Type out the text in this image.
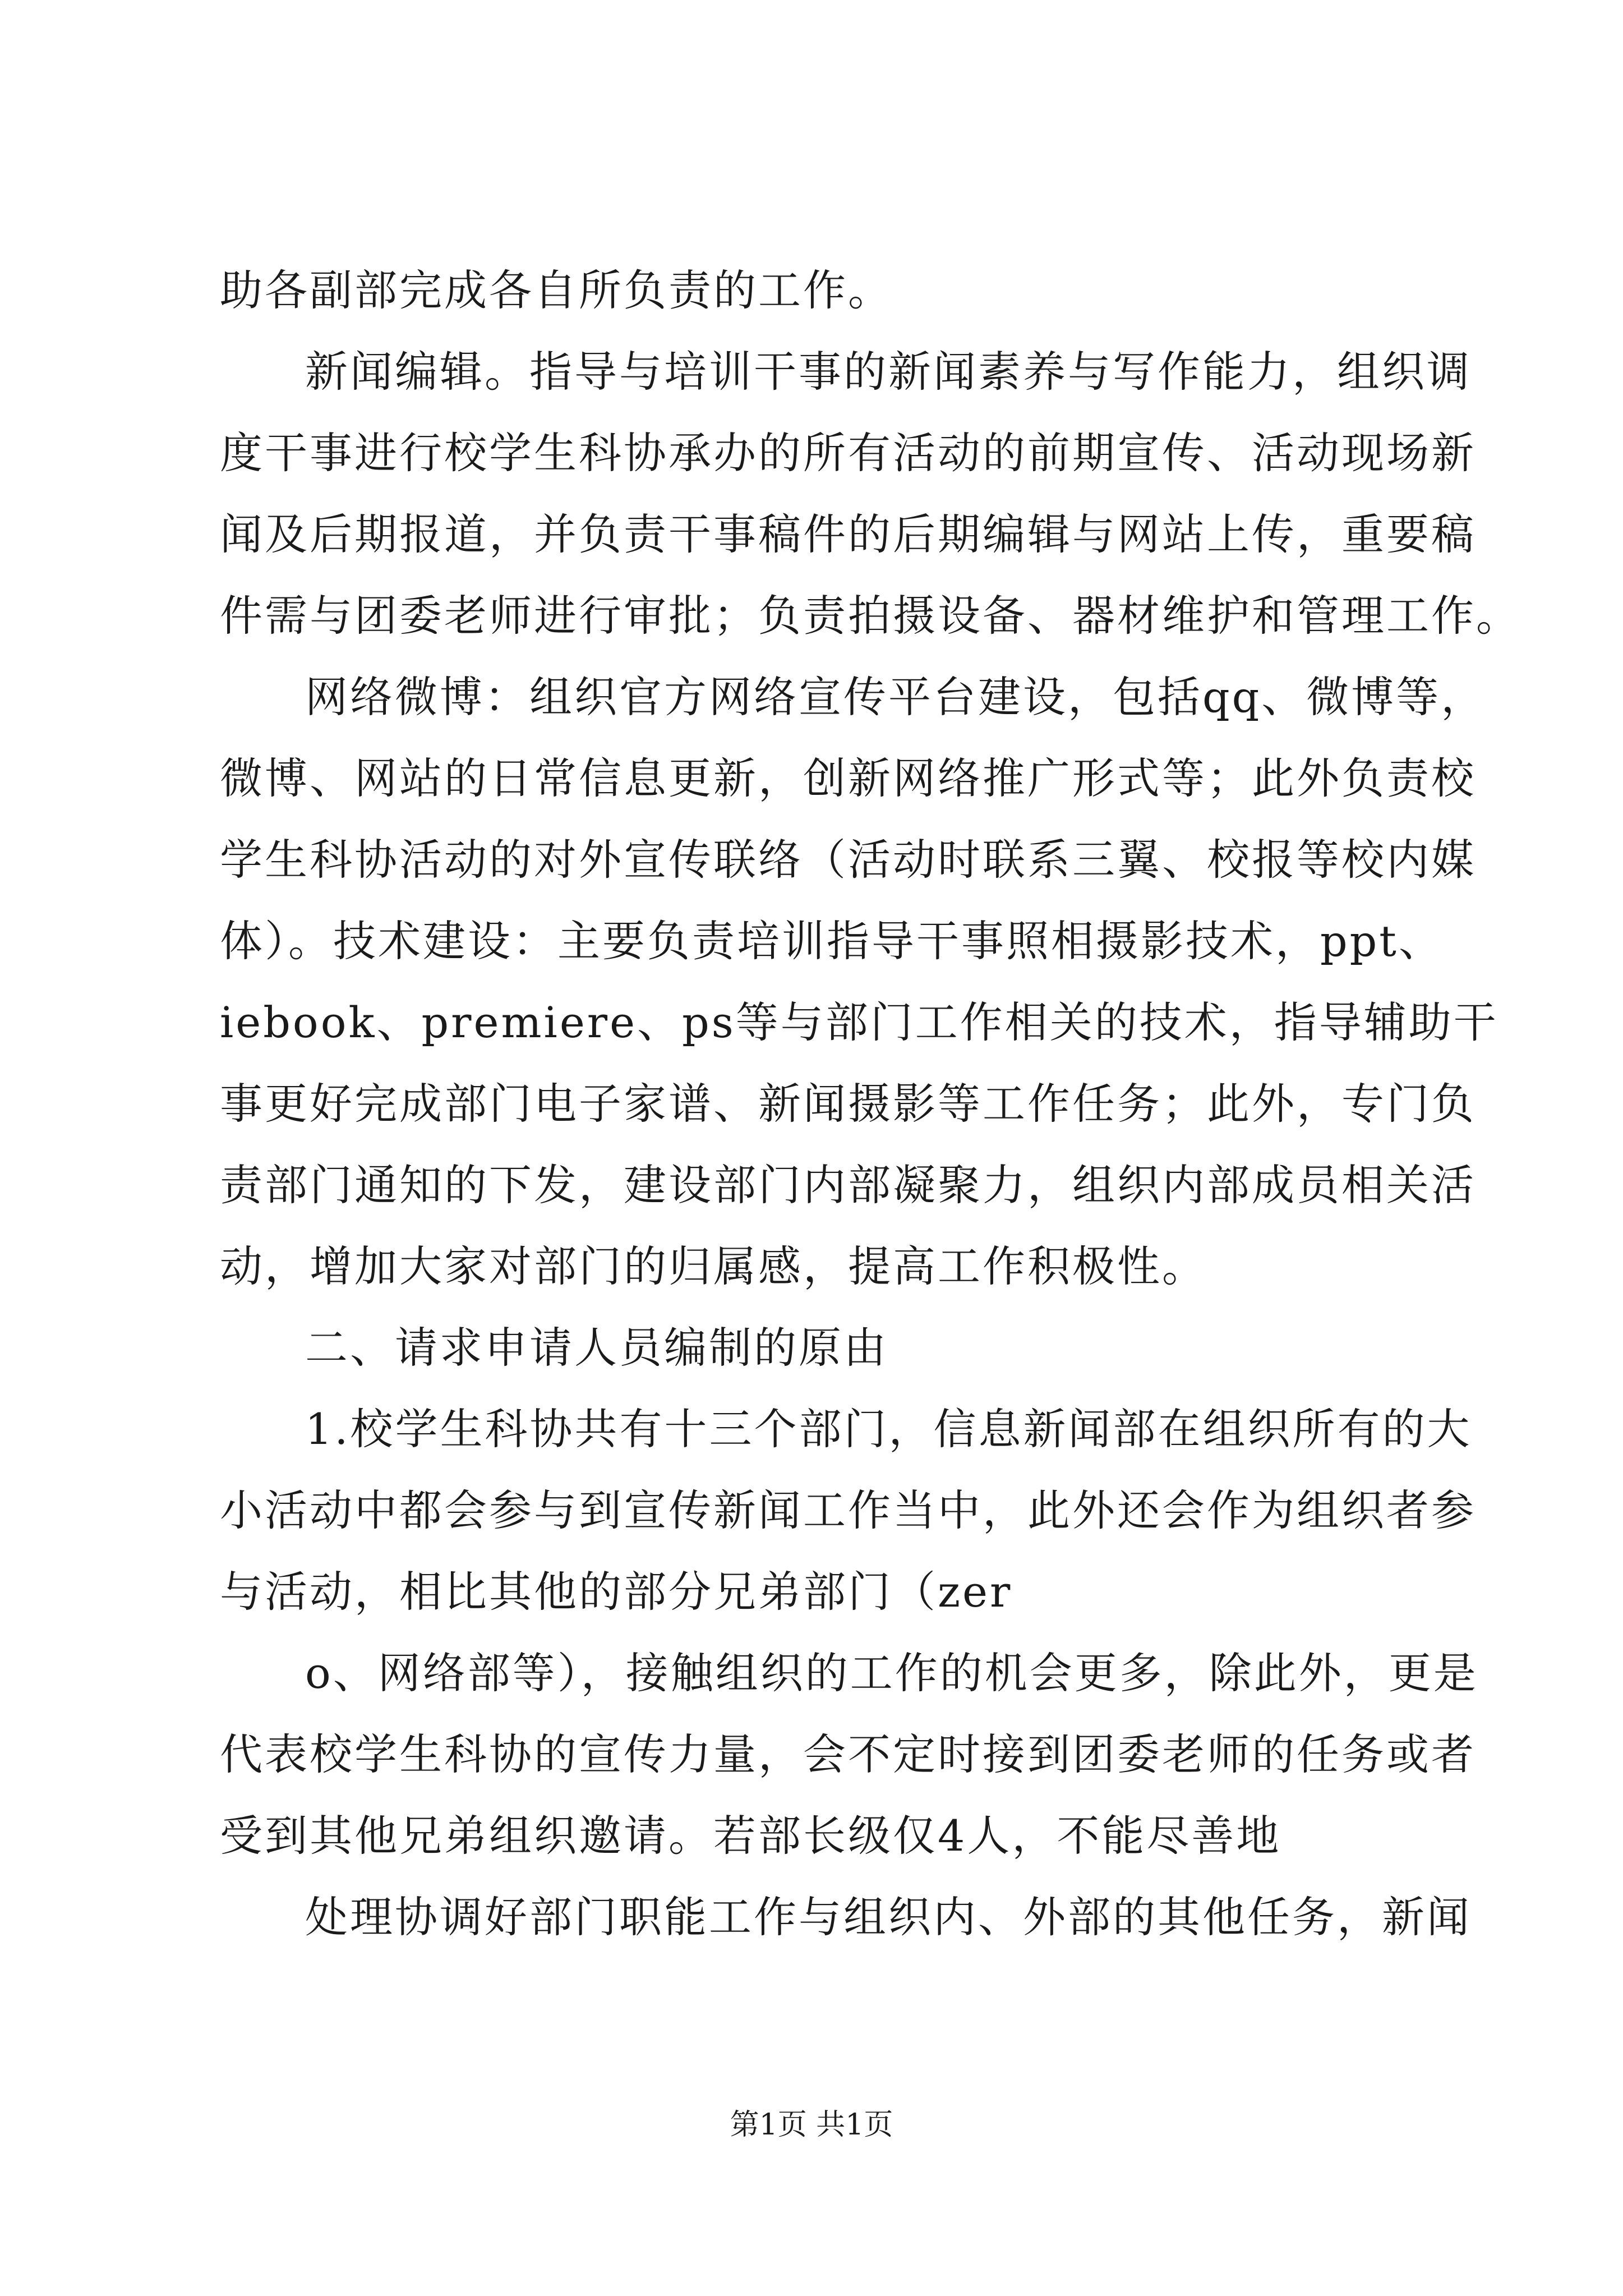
助各副部完成各自所负责的工作。
新闻编辑。指导与培训干事的新闻素养与写作能力，组织调
度干事进行校学生科协承办的所有活动的前期宣传、活动现场新
闻及后期报道，并负责干事稿件的后期编辑与网站上传，重要稿
件需与团委老师进行审批；负责拍摄设备、器材维护和管理工作。
网络微博：组织官方网络宣传平台建设，包括qq、微博等，
微博、网站的日常信息更新，创新网络推广形式等；此外负责校
学生科协活动的对外宣传联络（活动时联系三翼、校报等校内媒
体）。技术建设：主要负责培训指导干事照相摄影技术，ppt、
iebook、premiere、ps等与部门工作相关的技术，指导辅助干
事更好完成部门电子家谱、新闻摄影等工作任务；此外，专门负
责部门通知的下发，建设部门内部凝聚力，组织内部成员相关活
动，增加大家对部门的归属感，提高工作积极性。
二、请求申请人员编制的原由
1.校学生科协共有十三个部门，信息新闻部在组织所有的大
小活动中都会参与到宣传新闻工作当中，此外还会作为组织者参
与活动，相比其他的部分兄弟部门（zer
o、网络部等），接触组织的工作的机会更多，除此外，更是
代表校学生科协的宣传力量，会不定时接到团委老师的任务或者
受到其他兄弟组织邀请。若部长级仅4人，不能尽善地
处理协调好部门职能工作与组织内、外部的其他任务，新闻
第1页 共1页
